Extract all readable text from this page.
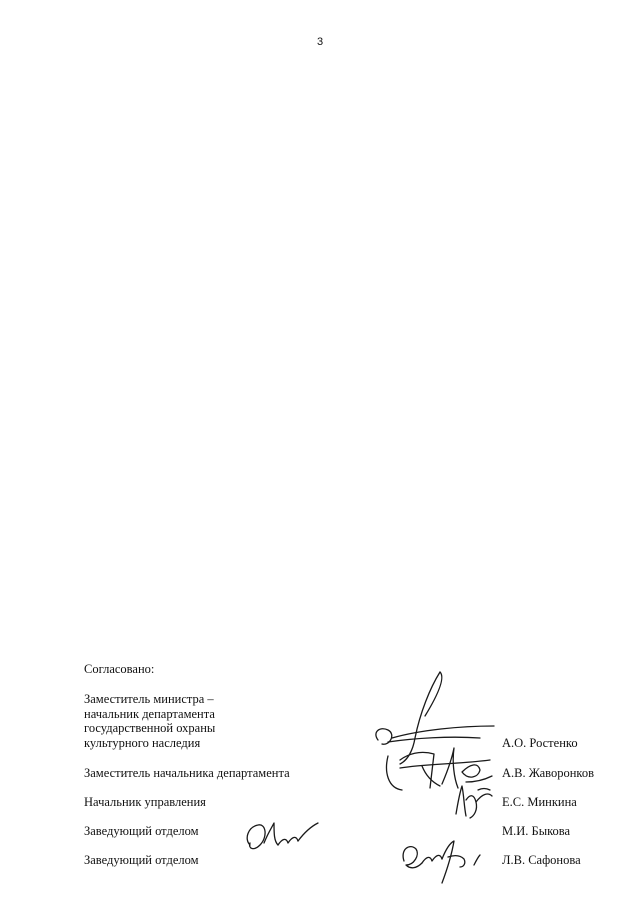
3
Согласовано:
Заместитель министра –
начальник департамента
государственной охраны
культурного наследия	А.О. Ростенко
Заместитель начальника департамента	А.В. Жаворонков
Начальник управления	Е.С. Минкина
Заведующий отделом	М.И. Быкова
Заведующий отделом	Л.В. Сафонова
